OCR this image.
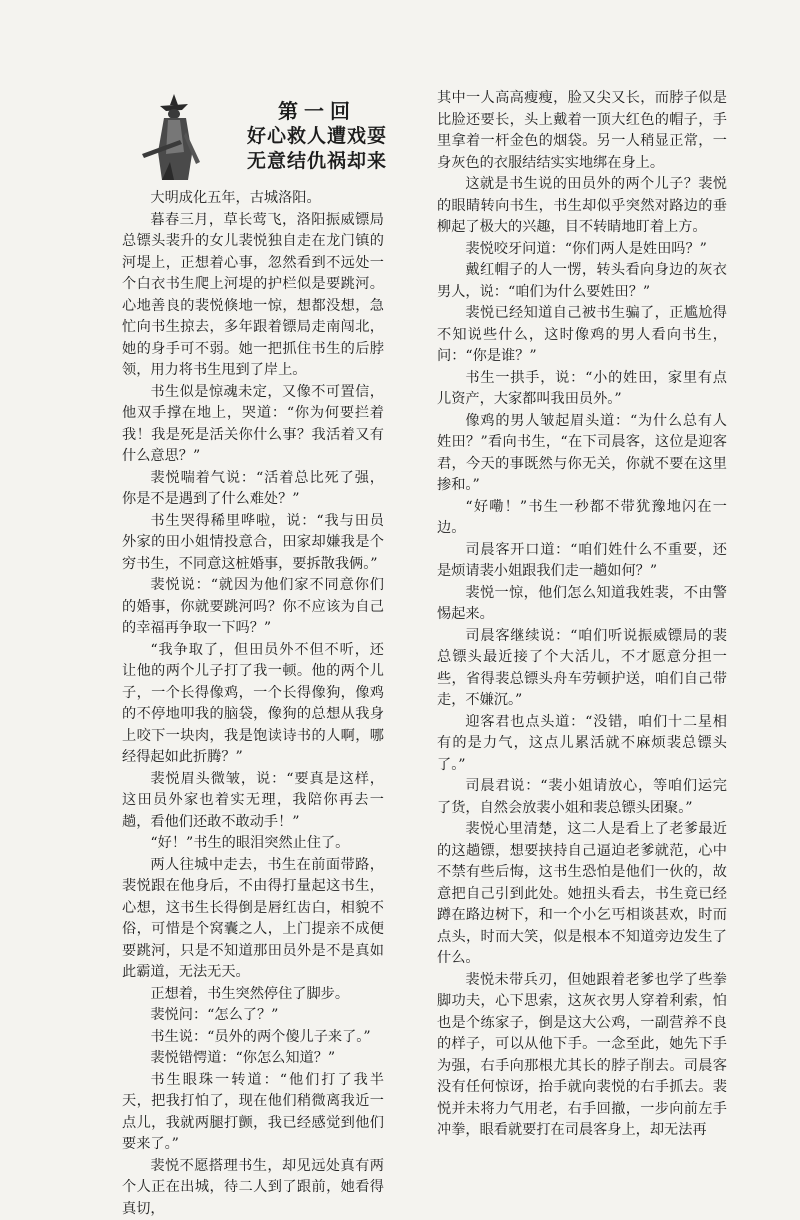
第一回
好心救人遭戏耍
无意结仇祸却来

大明成化五年，古城洛阳。

暮春三月，草长莺飞，洛阳振威镖局总镖头裴升的女儿裴悦独自走在龙门镇的河堤上，正想着心事，忽然看到不远处一个白衣书生爬上河堤的护栏似是要跳河。心地善良的裴悦倏地一惊，想都没想，急忙向书生掠去，多年跟着镖局走南闯北，她的身手可不弱。她一把抓住书生的后脖领，用力将书生甩到了岸上。

书生似是惊魂未定，又像不可置信，他双手撑在地上，哭道：“你为何要拦着我！我是死是活关你什么事？我活着又有什么意思？”

裴悦喘着气说：“活着总比死了强，你是不是遇到了什么难处？”

书生哭得稀里哗啦，说：“我与田员外家的田小姐情投意合，田家却嫌我是个穷书生，不同意这桩婚事，要拆散我俩。”

裴悦说：“就因为他们家不同意你们的婚事，你就要跳河吗？你不应该为自己的幸福再争取一下吗？”

“我争取了，但田员外不但不听，还让他的两个儿子打了我一顿。他的两个儿子，一个长得像鸡，一个长得像狗，像鸡的不停地叩我的脑袋，像狗的总想从我身上咬下一块肉，我是饱读诗书的人啊，哪经得起如此折腾？”

裴悦眉头微皱，说：“要真是这样，这田员外家也着实无理，我陪你再去一趟，看他们还敢不敢动手！”

“好！”书生的眼泪突然止住了。

两人往城中走去，书生在前面带路，裴悦跟在他身后，不由得打量起这书生，心想，这书生长得倒是唇红齿白，相貌不俗，可惜是个窝囊之人，上门提亲不成便要跳河，只是不知道那田员外是不是真如此霸道，无法无天。

正想着，书生突然停住了脚步。

裴悦问：“怎么了？”

书生说：“员外的两个傻儿子来了。”

裴悦错愕道：“你怎么知道？”

书生眼珠一转道：“他们打了我半天，把我打怕了，现在他们稍微离我近一点儿，我就两腿打颤，我已经感觉到他们要来了。”

裴悦不愿搭理书生，却见远处真有两个人正在出城，待二人到了跟前，她看得真切，

其中一人高高瘦瘦，脸又尖又长，而脖子似是比脸还要长，头上戴着一顶大红色的帽子，手里拿着一杆金色的烟袋。另一人稍显正常，一身灰色的衣服结结实实地绑在身上。

这就是书生说的田员外的两个儿子？裴悦的眼睛转向书生，书生却似乎突然对路边的垂柳起了极大的兴趣，目不转睛地盯着上方。

裴悦咬牙问道：“你们两人是姓田吗？”

戴红帽子的人一愣，转头看向身边的灰衣男人，说：“咱们为什么要姓田？”

裴悦已经知道自己被书生骗了，正尴尬得不知说些什么，这时像鸡的男人看向书生，问：“你是谁？”

书生一拱手，说：“小的姓田，家里有点儿资产，大家都叫我田员外。”

像鸡的男人皱起眉头道：“为什么总有人姓田？”看向书生，“在下司晨客，这位是迎客君，今天的事既然与你无关，你就不要在这里掺和。”

“好嘞！”书生一秒都不带犹豫地闪在一边。

司晨客开口道：“咱们姓什么不重要，还是烦请裴小姐跟我们走一趟如何？”

裴悦一惊，他们怎么知道我姓裴，不由警惕起来。

司晨客继续说：“咱们听说振威镖局的裴总镖头最近接了个大活儿，不才愿意分担一些，省得裴总镖头舟车劳顿护送，咱们自己带走，不嫌沉。”

迎客君也点头道：“没错，咱们十二星相有的是力气，这点儿累活就不麻烦裴总镖头了。”

司晨君说：“裴小姐请放心，等咱们运完了货，自然会放裴小姐和裴总镖头团聚。”

裴悦心里清楚，这二人是看上了老爹最近的这趟镖，想要挟持自己逼迫老爹就范，心中不禁有些后悔，这书生恐怕是他们一伙的，故意把自己引到此处。她扭头看去，书生竟已经蹲在路边树下，和一个小乞丐相谈甚欢，时而点头，时而大笑，似是根本不知道旁边发生了什么。

裴悦未带兵刃，但她跟着老爹也学了些拳脚功夫，心下思索，这灰衣男人穿着利索，怕也是个练家子，倒是这大公鸡，一副营养不良的样子，可以从他下手。一念至此，她先下手为强，右手向那根尤其长的脖子削去。司晨客没有任何惊讶，抬手就向裴悦的右手抓去。裴悦并未将力气用老，右手回撤，一步向前左手冲拳，眼看就要打在司晨客身上，却无法再
